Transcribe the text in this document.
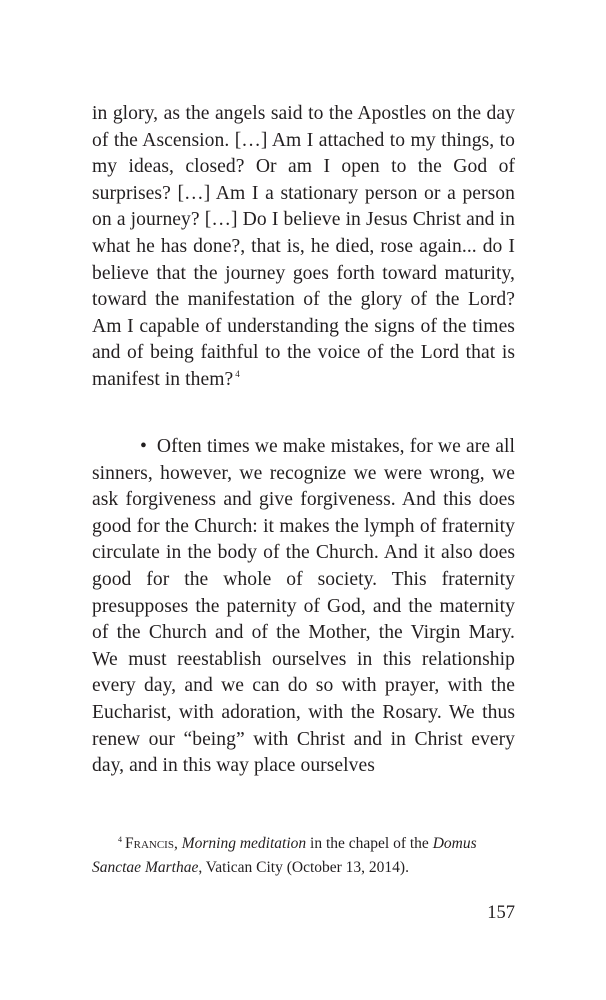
in glory, as the angels said to the Apostles on the day of the Ascension. […] Am I attached to my things, to my ideas, closed? Or am I open to the God of surprises? […] Am I a stationary person or a person on a journey? […] Do I believe in Jesus Christ and in what he has done?, that is, he died, rose again... do I believe that the journey goes forth toward maturity, toward the manifestation of the glory of the Lord? Am I capable of understanding the signs of the times and of being faithful to the voice of the Lord that is manifest in them? $^4$
• Often times we make mistakes, for we are all sinners, however, we recognize we were wrong, we ask forgiveness and give forgiveness. And this does good for the Church: it makes the lymph of fraternity circulate in the body of the Church. And it also does good for the whole of society. This fraternity presupposes the paternity of God, and the maternity of the Church and of the Mother, the Virgin Mary. We must reestablish ourselves in this relationship every day, and we can do so with prayer, with the Eucharist, with adoration, with the Rosary. We thus renew our “being” with Christ and in Christ every day, and in this way place ourselves
$^4$ Francis, Morning meditation in the chapel of the Domus Sanctae Marthae, Vatican City (October 13, 2014).
157
